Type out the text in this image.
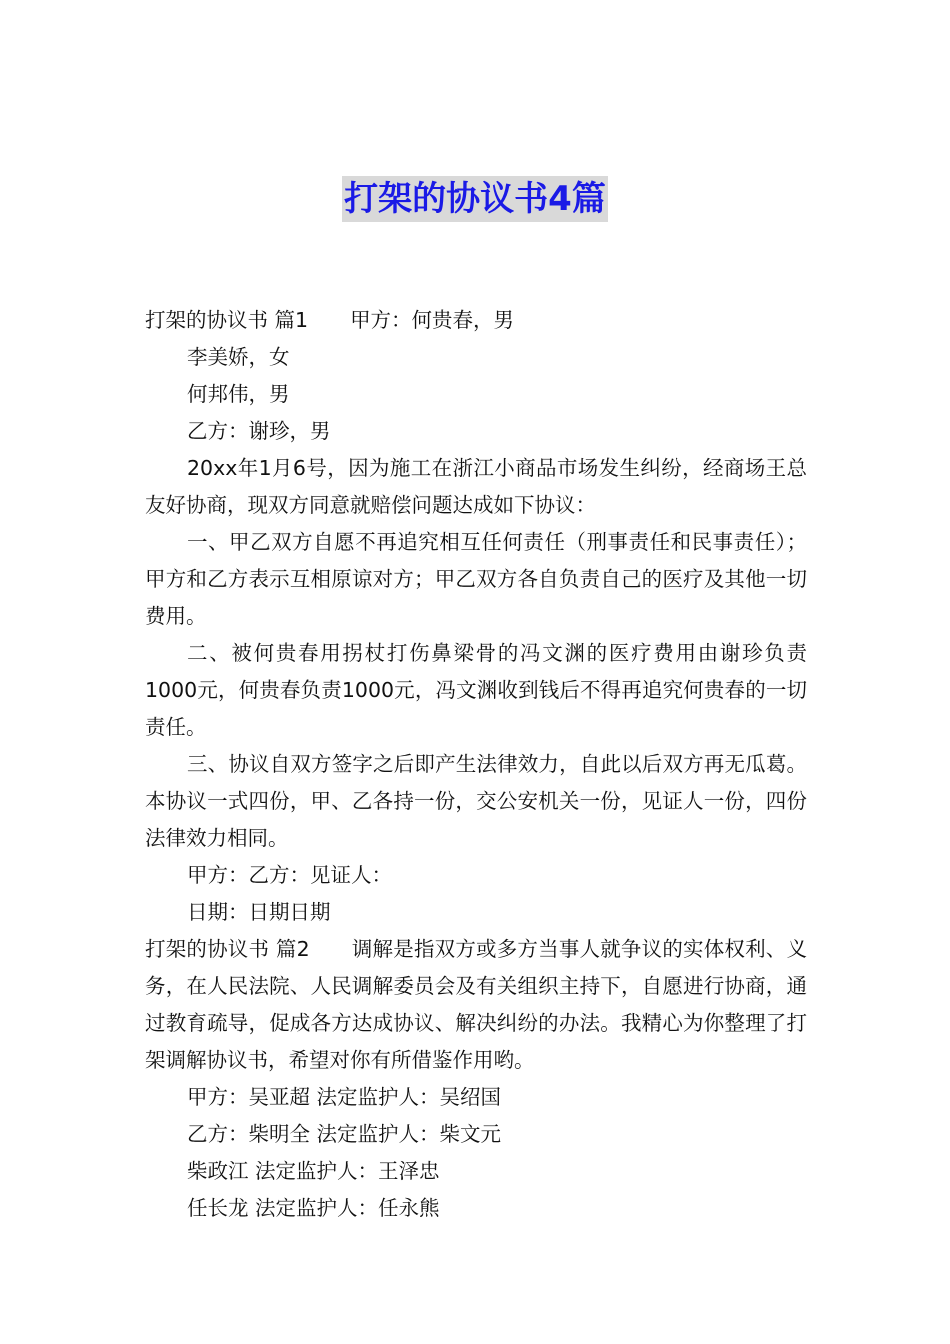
打架的协议书4篇

打架的协议书 篇1 甲方：何贵春，男

李美娇，女

何邦伟，男

乙方：谢珍，男

20xx年1月6号，因为施工在浙江小商品市场发生纠纷，经商场王总友好协商，现双方同意就赔偿问题达成如下协议：

一、甲乙双方自愿不再追究相互任何责任（刑事责任和民事责任）；甲方和乙方表示互相原谅对方；甲乙双方各自负责自己的医疗及其他一切费用。

二、被何贵春用拐杖打伤鼻梁骨的冯文渊的医疗费用由谢珍负责1000元，何贵春负责1000元，冯文渊收到钱后不得再追究何贵春的一切责任。

三、协议自双方签字之后即产生法律效力，自此以后双方再无瓜葛。本协议一式四份，甲、乙各持一份，交公安机关一份，见证人一份，四份法律效力相同。

甲方：乙方：见证人：

日期：日期日期

打架的协议书 篇2 调解是指双方或多方当事人就争议的实体权利、义务，在人民法院、人民调解委员会及有关组织主持下，自愿进行协商，通过教育疏导，促成各方达成协议、解决纠纷的办法。我精心为你整理了打架调解协议书，希望对你有所借鉴作用哟。

甲方：吴亚超 法定监护人：吴绍国

乙方：柴明全 法定监护人：柴文元

柴政江 法定监护人：王泽忠

任长龙 法定监护人：任永熊
